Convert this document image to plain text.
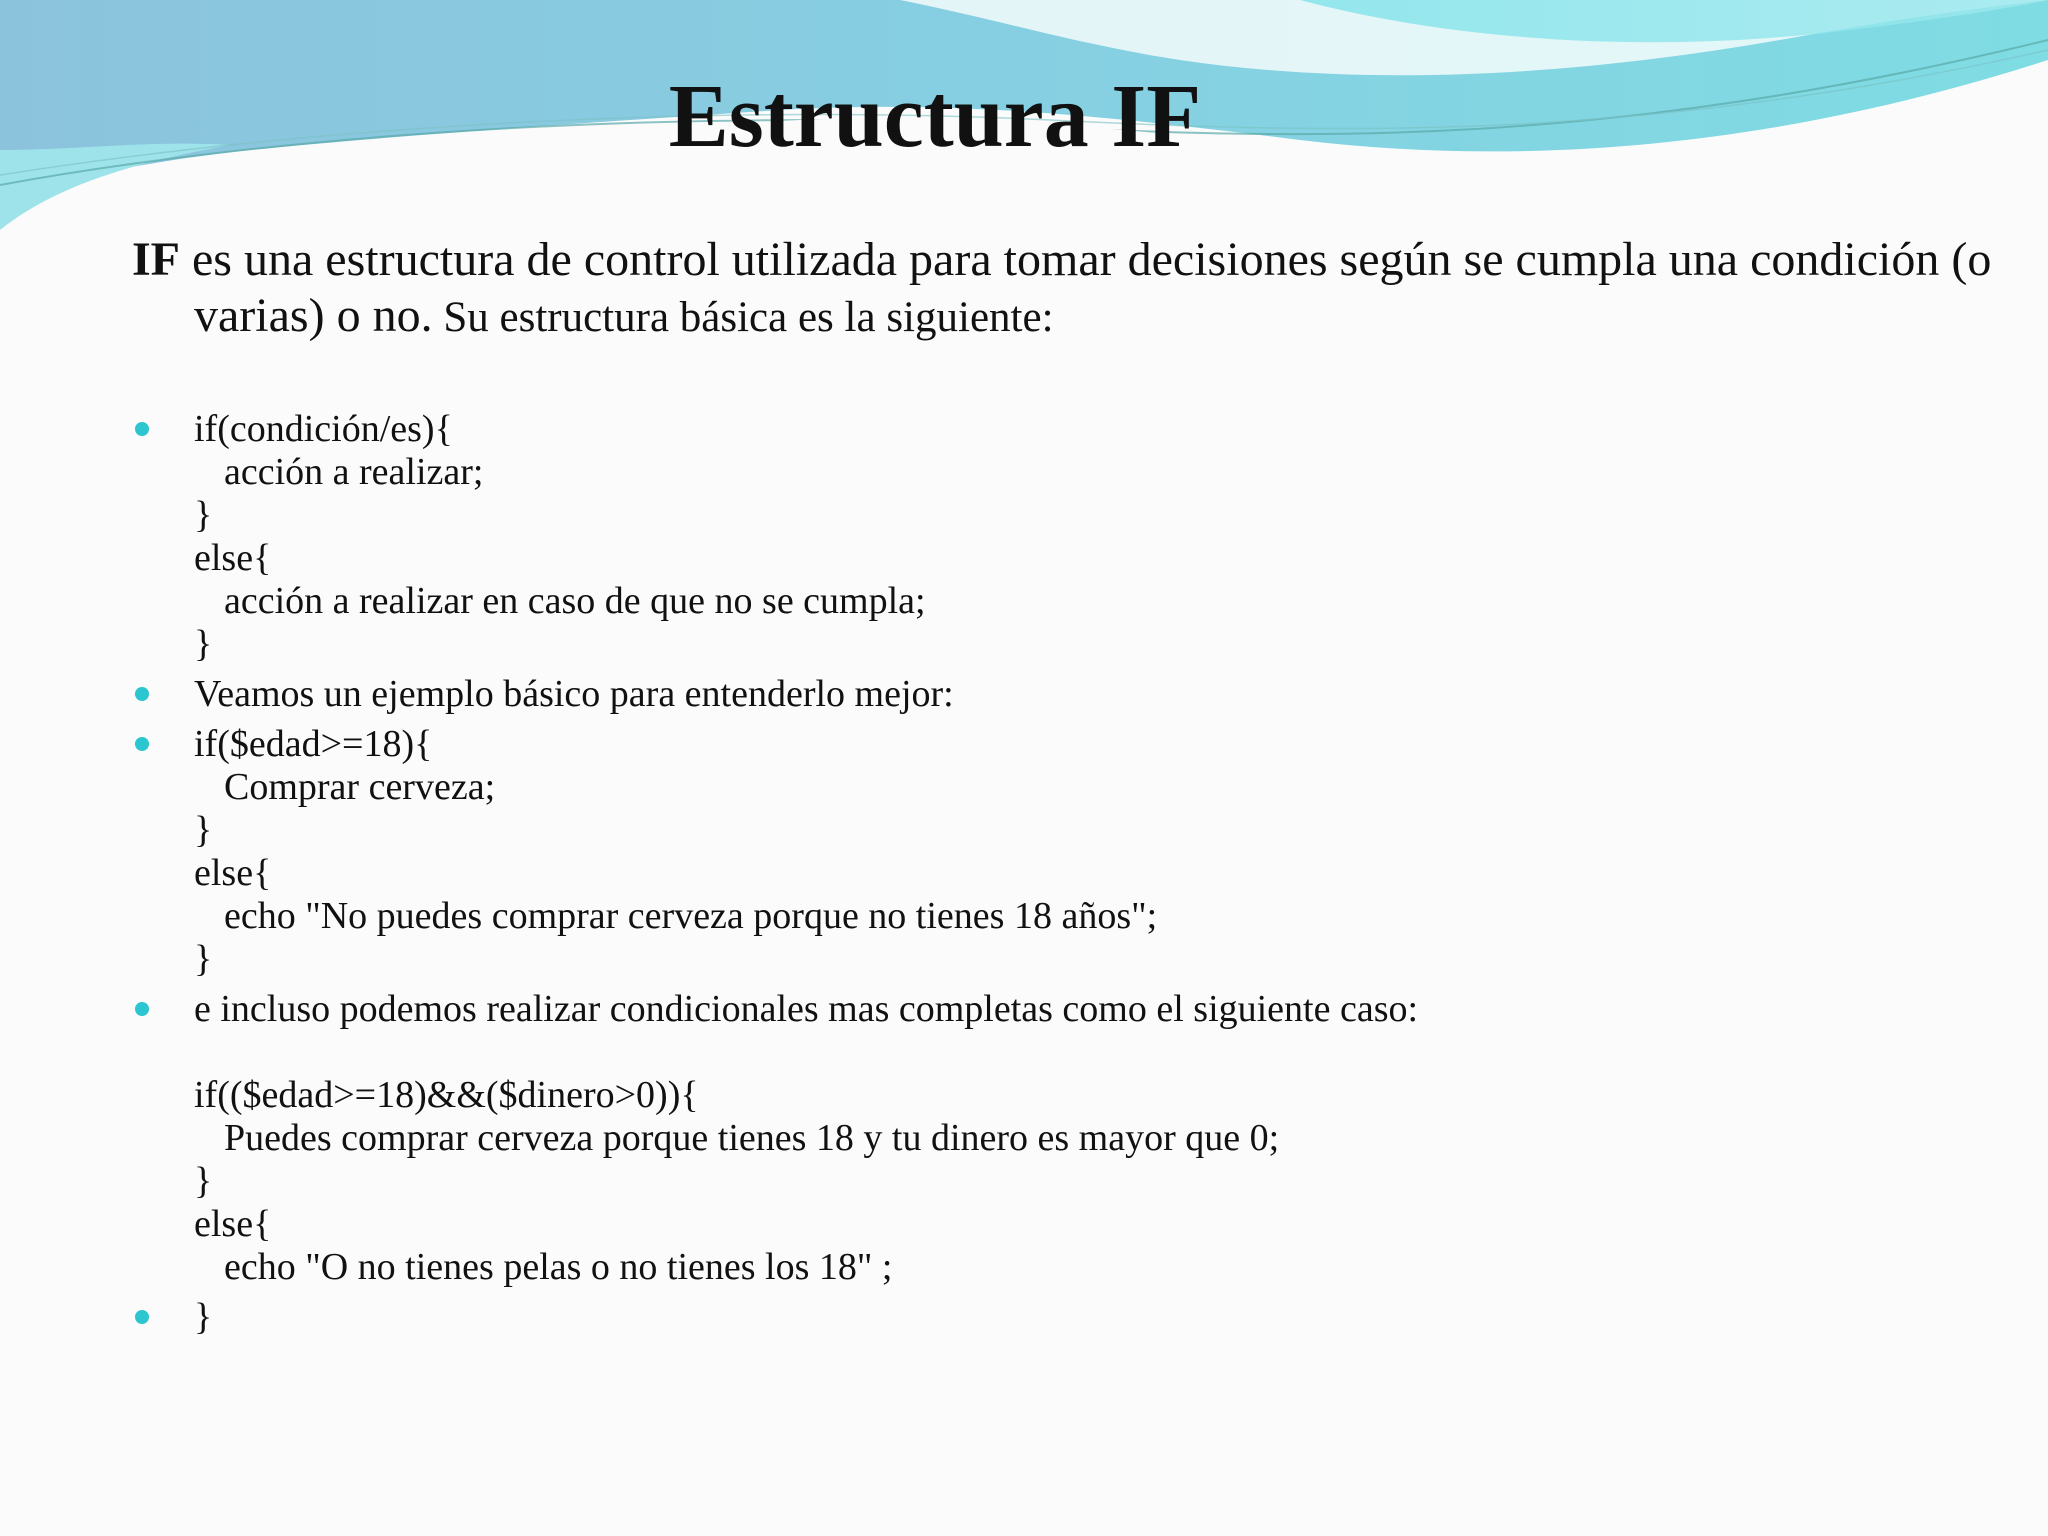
Estructura IF

IF es una estructura de control utilizada para tomar decisiones según se cumpla una condición (o varias) o no. Su estructura básica es la siguiente:

if(condición/es){
acción a realizar;
}
else{
acción a realizar en caso de que no se cumpla;
}
Veamos un ejemplo básico para entenderlo mejor:
if($edad>=18){
Comprar cerveza;
}
else{
echo "No puedes comprar cerveza porque no tienes 18 años";
}
e incluso podemos realizar condicionales mas completas como el siguiente caso:
if(($edad>=18)&&($dinero>0)){
Puedes comprar cerveza porque tienes 18 y tu dinero es mayor que 0;
}
else{
echo "O no tienes pelas o no tienes los 18" ;
}
